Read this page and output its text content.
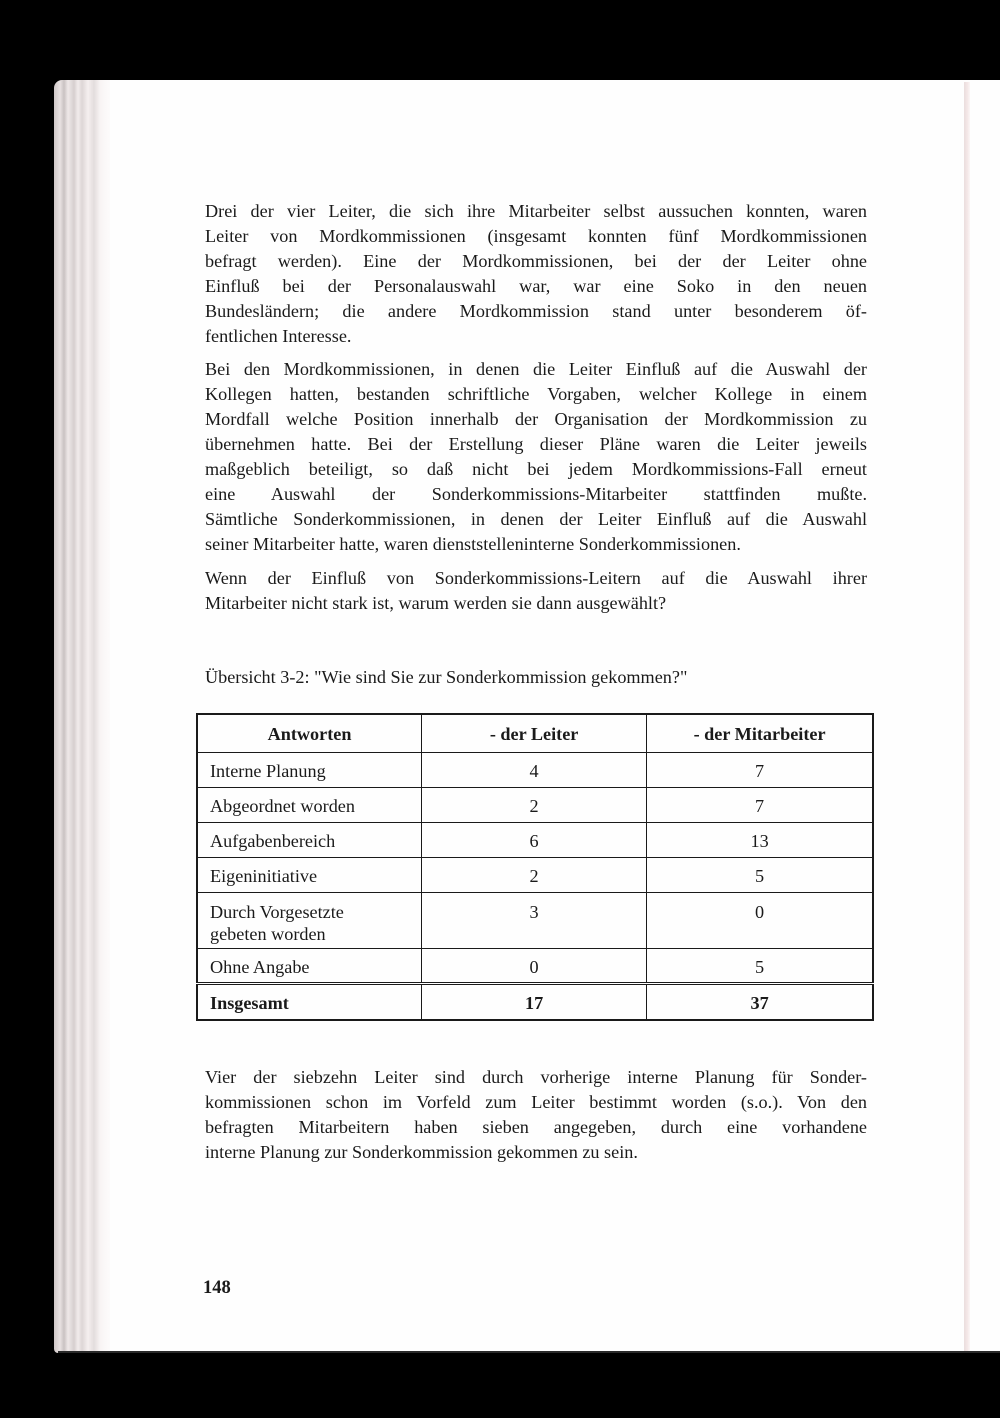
Drei der vier Leiter, die sich ihre Mitarbeiter selbst aussuchen konnten, waren
Leiter von Mordkommissionen (insgesamt konnten fünf Mordkommissionen
befragt werden). Eine der Mordkommissionen, bei der der Leiter ohne
Einfluß bei der Personalauswahl war, war eine Soko in den neuen
Bundesländern; die andere Mordkommission stand unter besonderem öf-
fentlichen Interesse.

Bei den Mordkommissionen, in denen die Leiter Einfluß auf die Auswahl der
Kollegen hatten, bestanden schriftliche Vorgaben, welcher Kollege in einem
Mordfall welche Position innerhalb der Organisation der Mordkommission zu
übernehmen hatte. Bei der Erstellung dieser Pläne waren die Leiter jeweils
maßgeblich beteiligt, so daß nicht bei jedem Mordkommissions-Fall erneut
eine Auswahl der Sonderkommissions-Mitarbeiter stattfinden mußte.
Sämtliche Sonderkommissionen, in denen der Leiter Einfluß auf die Auswahl
seiner Mitarbeiter hatte, waren dienststelleninterne Sonderkommissionen.

Wenn der Einfluß von Sonderkommissions-Leitern auf die Auswahl ihrer
Mitarbeiter nicht stark ist, warum werden sie dann ausgewählt?

Übersicht 3-2: "Wie sind Sie zur Sonderkommission gekommen?"

Vier der siebzehn Leiter sind durch vorherige interne Planung für Sonder-
kommissionen schon im Vorfeld zum Leiter bestimmt worden (s.o.). Von den
befragten Mitarbeitern haben sieben angegeben, durch eine vorhandene
interne Planung zur Sonderkommission gekommen zu sein.

Antworten	- der Leiter	- der Mitarbeiter
Interne Planung	4	7
Abgeordnet worden	2	7
Aufgabenbereich	6	13
Eigeninitiative	2	5
Durch Vorgesetzte
gebeten worden	3	0
Ohne Angabe	0	5
Insgesamt	17	37
148
